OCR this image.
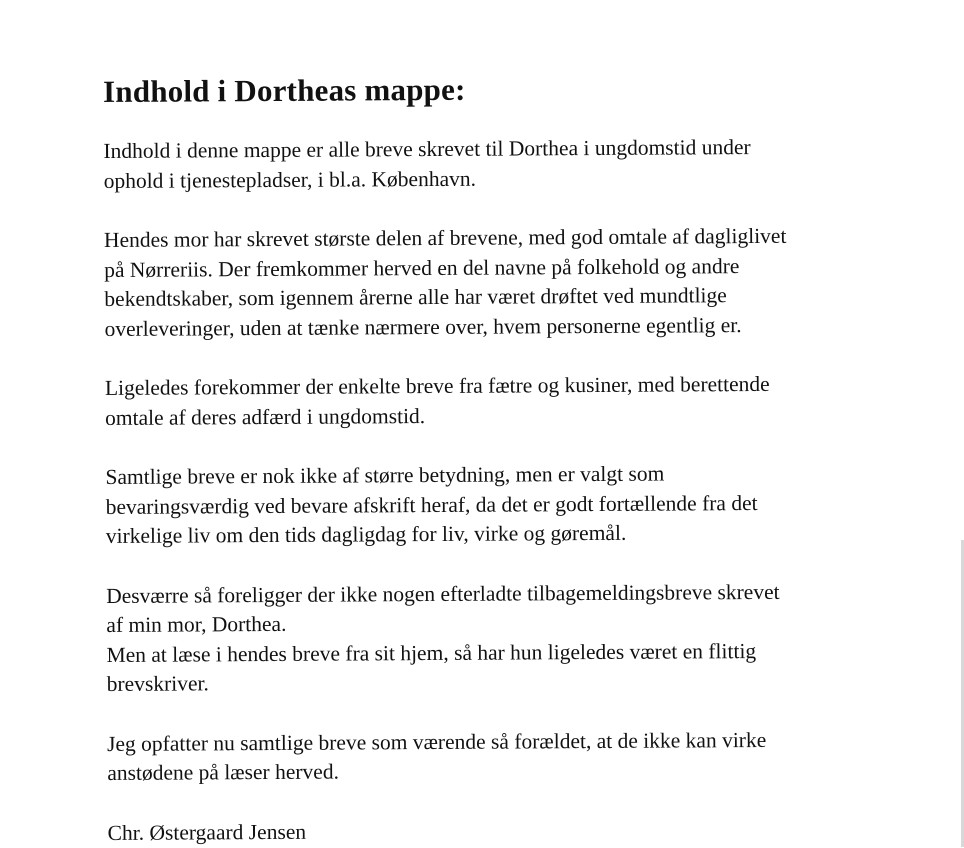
Indhold i Dortheas mappe:

Indhold i denne mappe er alle breve skrevet til Dorthea i ungdomstid under
ophold i tjenestepladser, i bl.a. København.

Hendes mor har skrevet største delen af brevene, med god omtale af dagliglivet
på Nørreriis. Der fremkommer herved en del navne på folkehold og andre
bekendtskaber, som igennem årerne alle har været drøftet ved mundtlige
overleveringer, uden at tænke nærmere over, hvem personerne egentlig er.

Ligeledes forekommer der enkelte breve fra fætre og kusiner, med berettende
omtale af deres adfærd i ungdomstid.

Samtlige breve er nok ikke af større betydning, men er valgt som
bevaringsværdig ved bevare afskrift heraf, da det er godt fortællende fra det
virkelige liv om den tids dagligdag for liv, virke og gøremål.

Desværre så foreligger der ikke nogen efterladte tilbagemeldingsbreve skrevet
af min mor, Dorthea.

Men at læse i hendes breve fra sit hjem, så har hun ligeledes været en flittig
brevskriver.

Jeg opfatter nu samtlige breve som værende så forældet, at de ikke kan virke
anstødene på læser herved.

Chr. Østergaard Jensen
